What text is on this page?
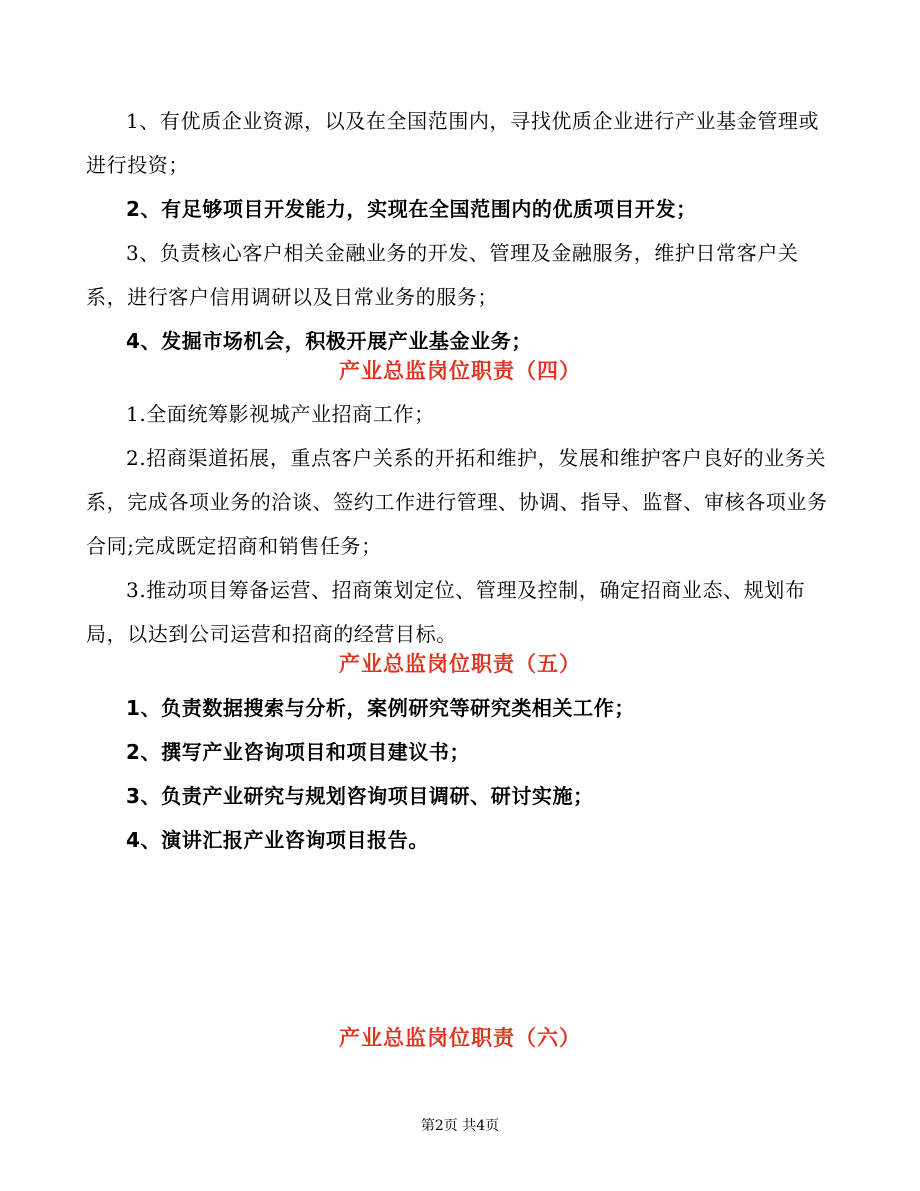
1、有优质企业资源，以及在全国范围内，寻找优质企业进行产业基金管理或进行投资；

2、有足够项目开发能力，实现在全国范围内的优质项目开发；

3、负责核心客户相关金融业务的开发、管理及金融服务，维护日常客户关系，进行客户信用调研以及日常业务的服务；

4、发掘市场机会，积极开展产业基金业务；

产业总监岗位职责（四）

1.全面统筹影视城产业招商工作；

2.招商渠道拓展，重点客户关系的开拓和维护，发展和维护客户良好的业务关系，完成各项业务的洽谈、签约工作进行管理、协调、指导、监督、审核各项业务合同;完成既定招商和销售任务；

3.推动项目筹备运营、招商策划定位、管理及控制，确定招商业态、规划布局，以达到公司运营和招商的经营目标。

产业总监岗位职责（五）

1、负责数据搜索与分析，案例研究等研究类相关工作；

2、撰写产业咨询项目和项目建议书；

3、负责产业研究与规划咨询项目调研、研讨实施；

4、演讲汇报产业咨询项目报告。

产业总监岗位职责（六）
第2页 共4页
